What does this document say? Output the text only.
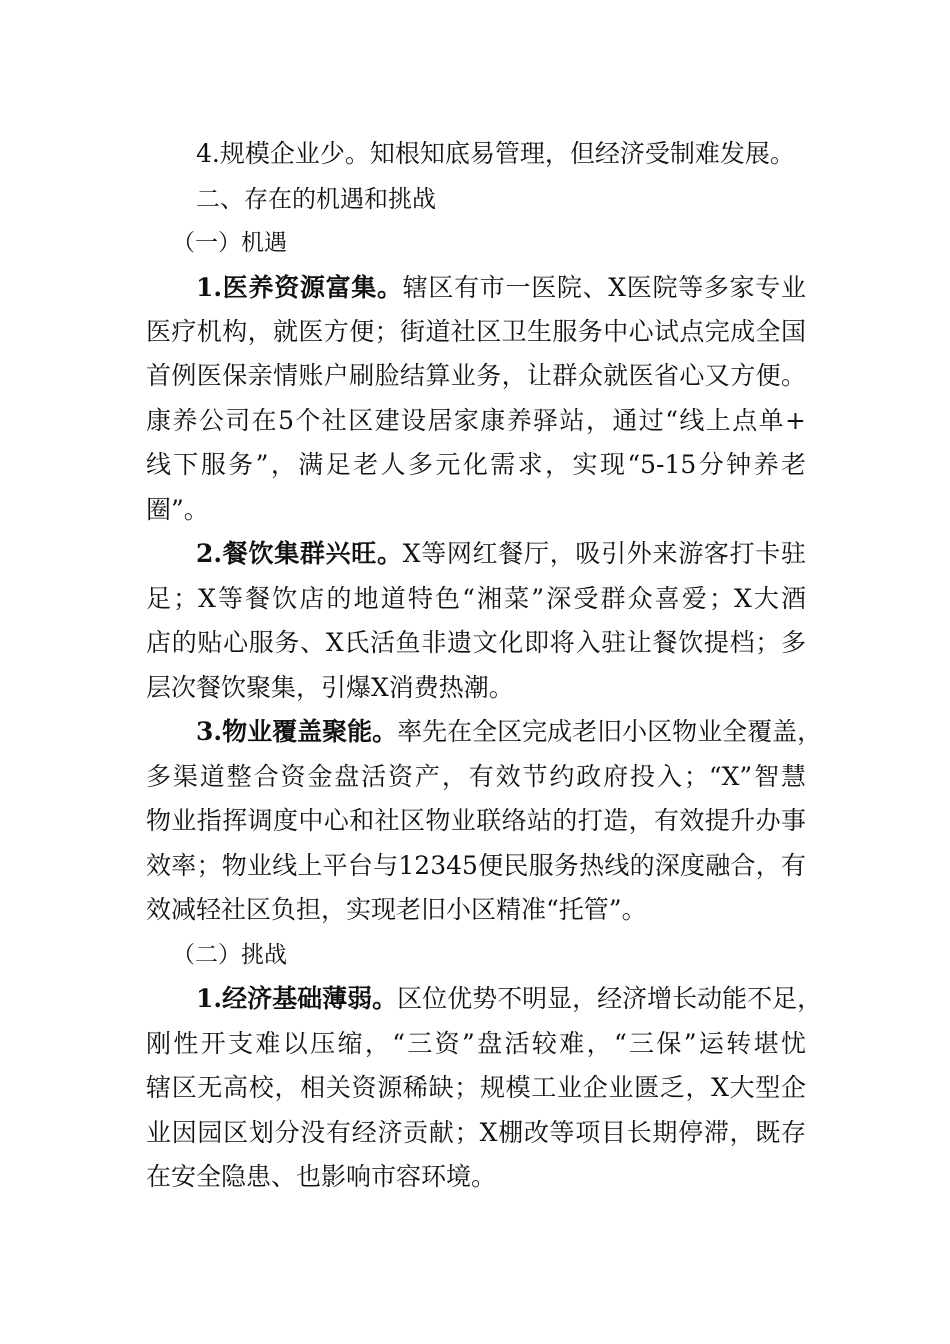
4.规模企业少。知根知底易管理，但经济受制难发展。
二、存在的机遇和挑战
（一）机遇
1.医养资源富集。辖区有市一医院、X医院等多家专业
医疗机构，就医方便；街道社区卫生服务中心试点完成全国
首例医保亲情账户刷脸结算业务，让群众就医省心又方便。
康养公司在5个社区建设居家康养驿站，通过“线上点单+
线下服务”，满足老人多元化需求，实现“5-15分钟养老
圈”。
2.餐饮集群兴旺。X等网红餐厅，吸引外来游客打卡驻
足；X等餐饮店的地道特色“湘菜”深受群众喜爱；X大酒
店的贴心服务、X氏活鱼非遗文化即将入驻让餐饮提档；多
层次餐饮聚集，引爆X消费热潮。
3.物业覆盖聚能。率先在全区完成老旧小区物业全覆盖，
多渠道整合资金盘活资产，有效节约政府投入；“X”智慧
物业指挥调度中心和社区物业联络站的打造，有效提升办事
效率；物业线上平台与12345便民服务热线的深度融合，有
效减轻社区负担，实现老旧小区精准“托管”。
（二）挑战
1.经济基础薄弱。区位优势不明显，经济增长动能不足，
刚性开支难以压缩，“三资”盘活较难，“三保”运转堪忧
辖区无高校，相关资源稀缺；规模工业企业匮乏，X大型企
业因园区划分没有经济贡献；X棚改等项目长期停滞，既存
在安全隐患、也影响市容环境。
